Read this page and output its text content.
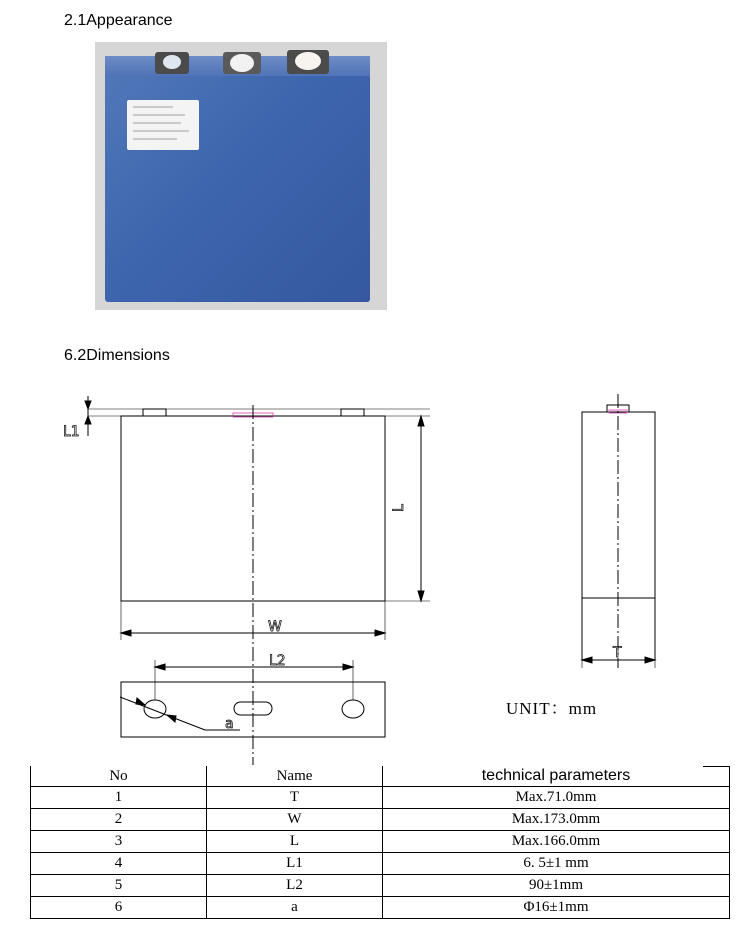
2.1Appearance
6.2Dimensions
L1
L
W
L2
a
T
UNIT：mm
No	Name	technical parameters
1	T	Max.71.0mm
2	W	Max.173.0mm
3	L	Max.166.0mm
4	L1	6. 5±1 mm
5	L2	90±1mm
6	a	Φ16±1mm
